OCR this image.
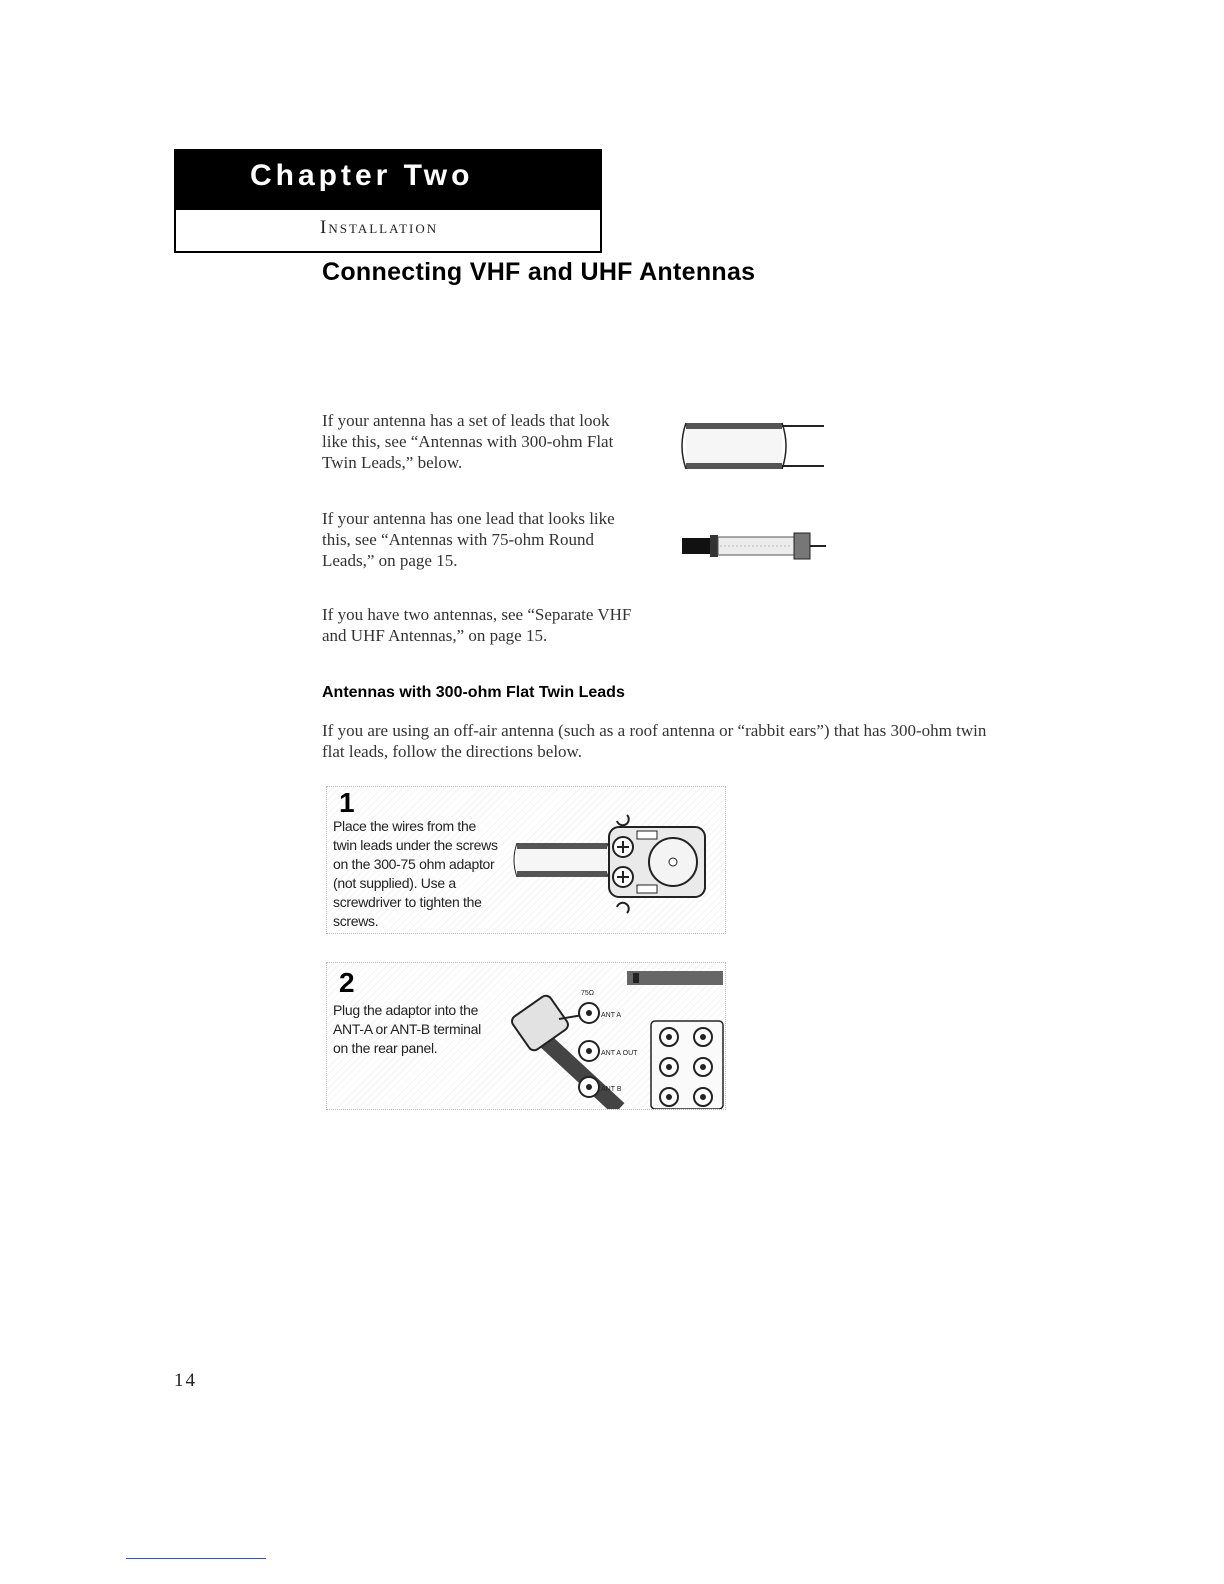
Chapter Two
Installation
Connecting VHF and UHF Antennas
If your antenna has a set of leads that look like this, see “Antennas with 300-ohm Flat Twin Leads,” below.
If your antenna has one lead that looks like this, see “Antennas with 75-ohm Round Leads,” on page 15.
If you have two antennas, see “Separate VHF and UHF Antennas,” on page 15.
Antennas with 300-ohm Flat Twin Leads
If you are using an off-air antenna (such as a roof antenna or “rabbit ears”) that has 300-ohm twin flat leads, follow the directions below.
1
Place the wires from the twin leads under the screws on the 300-75 ohm adaptor (not supplied). Use a screwdriver to tighten the screws.
2
Plug the adaptor into the ANT-A or ANT-B terminal on the rear panel.
75Ω
ANT A
ANT A OUT
ANT B
14
